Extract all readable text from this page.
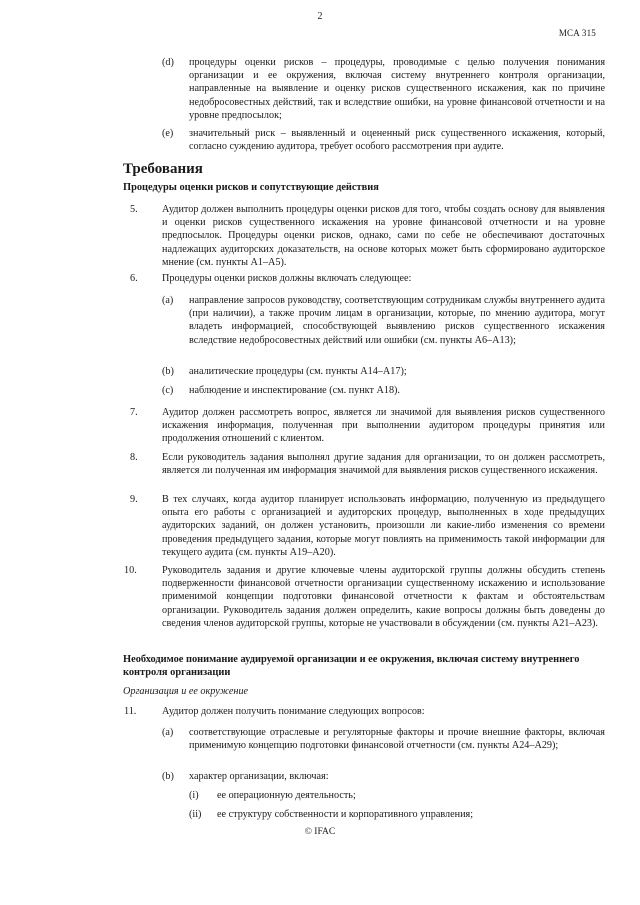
2
MCA 315
(d) процедуры оценки рисков – процедуры, проводимые с целью получения понимания организации и ее окружения, включая систему внутреннего контроля организации, направленные на выявление и оценку рисков существенного искажения, как по причине недобросовестных действий, так и вследствие ошибки, на уровне финансовой отчетности и на уровне предпосылок;
(e) значительный риск – выявленный и оцененный риск существенного искажения, который, согласно суждению аудитора, требует особого рассмотрения при аудите.
Требования
Процедуры оценки рисков и сопутствующие действия
5. Аудитор должен выполнить процедуры оценки рисков для того, чтобы создать основу для выявления и оценки рисков существенного искажения на уровне финансовой отчетности и на уровне предпосылок. Процедуры оценки рисков, однако, сами по себе не обеспечивают достаточных надлежащих аудиторских доказательств, на основе которых может быть сформировано аудиторское мнение (см. пункты A1–A5).
6. Процедуры оценки рисков должны включать следующее:
(a) направление запросов руководству, соответствующим сотрудникам службы внутреннего аудита (при наличии), а также прочим лицам в организации, которые, по мнению аудитора, могут владеть информацией, способствующей выявлению рисков существенного искажения вследствие недобросовестных действий или ошибки (см. пункты A6–A13);
(b) аналитические процедуры (см. пункты A14–A17);
(c) наблюдение и инспектирование (см. пункт A18).
7. Аудитор должен рассмотреть вопрос, является ли значимой для выявления рисков существенного искажения информация, полученная при выполнении аудитором процедуры принятия или продолжения отношений с клиентом.
8. Если руководитель задания выполнял другие задания для организации, то он должен рассмотреть, является ли полученная им информация значимой для выявления рисков существенного искажения.
9. В тех случаях, когда аудитор планирует использовать информацию, полученную из предыдущего опыта его работы с организацией и аудиторских процедур, выполненных в ходе предыдущих аудиторских заданий, он должен установить, произошли ли какие-либо изменения со времени проведения предыдущего задания, которые могут повлиять на применимость такой информации для текущего аудита (см. пункты A19–A20).
10. Руководитель задания и другие ключевые члены аудиторской группы должны обсудить степень подверженности финансовой отчетности организации существенному искажению и использование применимой концепции подготовки финансовой отчетности к фактам и обстоятельствам организации. Руководитель задания должен определить, какие вопросы должны быть доведены до сведения членов аудиторской группы, которые не участвовали в обсуждении (см. пункты A21–A23).
Необходимое понимание аудируемой организации и ее окружения, включая систему внутреннего контроля организации
Организация и ее окружение
11.	Аудитор должен получить понимание следующих вопросов:
(a) соответствующие отраслевые и регуляторные факторы и прочие внешние факторы, включая применимую концепцию подготовки финансовой отчетности (см. пункты A24–A29);
(b) характер организации, включая:
(i) ее операционную деятельность;
(ii) ее структуру собственности и корпоративного управления;
© IFAC
